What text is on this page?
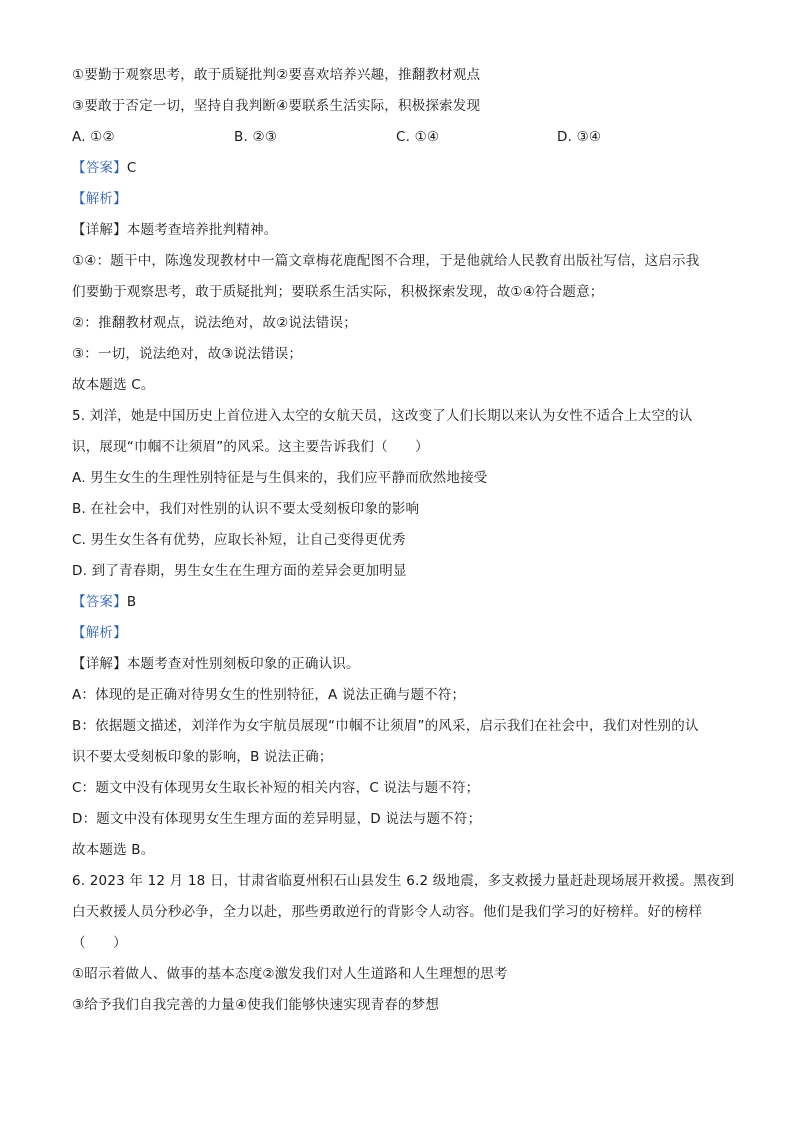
①要勤于观察思考，敢于质疑批判②要喜欢培养兴趣，推翻教材观点
③要敢于否定一切，坚持自我判断④要联系生活实际，积极探索发现
A. ①②	B. ②③	C. ①④	D. ③④
【答案】C
【解析】
【详解】本题考查培养批判精神。
①④：题干中，陈逸发现教材中一篇文章梅花鹿配图不合理，于是他就给人民教育出版社写信，这启示我
们要勤于观察思考，敢于质疑批判；要联系生活实际，积极探索发现，故①④符合题意；
②：推翻教材观点，说法绝对，故②说法错误；
③：一切，说法绝对，故③说法错误；
故本题选 C。
5. 刘洋，她是中国历史上首位进入太空的女航天员，这改变了人们长期以来认为女性不适合上太空的认
识，展现“巾帼不让须眉”的风采。这主要告诉我们（　　）
A. 男生女生的生理性别特征是与生俱来的，我们应平静而欣然地接受
B. 在社会中，我们对性别的认识不要太受刻板印象的影响
C. 男生女生各有优势，应取长补短，让自己变得更优秀
D. 到了青春期，男生女生在生理方面的差异会更加明显
【答案】B
【解析】
【详解】本题考查对性别刻板印象的正确认识。
A：体现的是正确对待男女生的性别特征，A 说法正确与题不符；
B：依据题文描述，刘洋作为女宇航员展现“巾帼不让须眉”的风采，启示我们在社会中，我们对性别的认
识不要太受刻板印象的影响，B 说法正确；
C：题文中没有体现男女生取长补短的相关内容，C 说法与题不符；
D：题文中没有体现男女生生理方面的差异明显，D 说法与题不符；
故本题选 B。
6. 2023 年 12 月 18 日，甘肃省临夏州积石山县发生 6.2 级地震，多支救援力量赶赴现场展开救援。黑夜到
白天救援人员分秒必争，全力以赴，那些勇敢逆行的背影令人动容。他们是我们学习的好榜样。好的榜样
（　　）
①昭示着做人、做事的基本态度②激发我们对人生道路和人生理想的思考
③给予我们自我完善的力量④使我们能够快速实现青春的梦想
